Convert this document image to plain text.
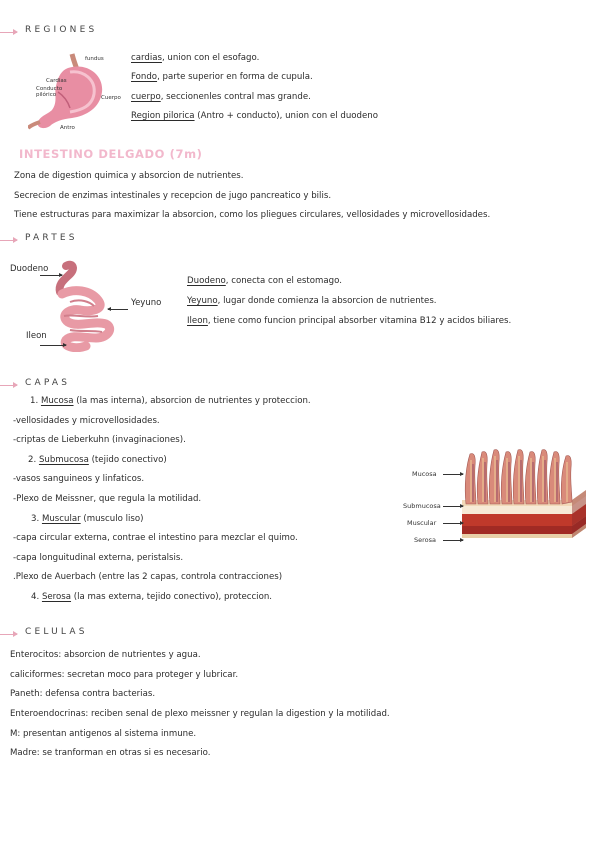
REGIONES
fundus
Cardias
Conducto pilórico	Cuerpo
Antro
cardias, union con el esofago.
Fondo, parte superior en forma de cupula.
cuerpo, seccionenles contral mas grande.
Region pilorica (Antro + conducto), union con el duodeno
INTESTINO DELGADO (7m)
Zona de digestion quimica y absorcion de nutrientes.
Secrecion de enzimas intestinales y recepcion de jugo pancreatico y bilis.
Tiene estructuras para maximizar la absorcion, como los pliegues circulares, vellosidades y microvellosidades.
PARTES
Duodeno
Yeyuno
Ileon
Duodeno, conecta con el estomago.
Yeyuno, lugar donde comienza la absorcion de nutrientes.
Ileon, tiene como funcion principal absorber vitamina B12 y acidos biliares.
CAPAS
1. Mucosa (la mas interna), absorcion de nutrientes y proteccion.
-vellosidades y microvellosidades.
-criptas de Lieberkuhn (invaginaciones).
2. Submucosa (tejido conectivo)
-vasos sanguineos y linfaticos.
-Plexo de Meissner, que regula la motilidad.
3. Muscular (musculo liso)
-capa circular externa, contrae el intestino para mezclar el quimo.
-capa longuitudinal externa, peristalsis.
.Plexo de Auerbach (entre las 2 capas, controla contracciones)
4. Serosa (la mas externa, tejido conectivo), proteccion.
Mucosa
Submucosa
Muscular
Serosa
CELULAS
Enterocitos: absorcion de nutrientes y agua.
caliciformes: secretan moco para proteger y lubricar.
Paneth: defensa contra bacterias.
Enteroendocrinas: reciben senal de plexo meissner y regulan la digestion y la motilidad.
M: presentan antigenos al sistema inmune.
Madre: se tranforman en otras si es necesario.
